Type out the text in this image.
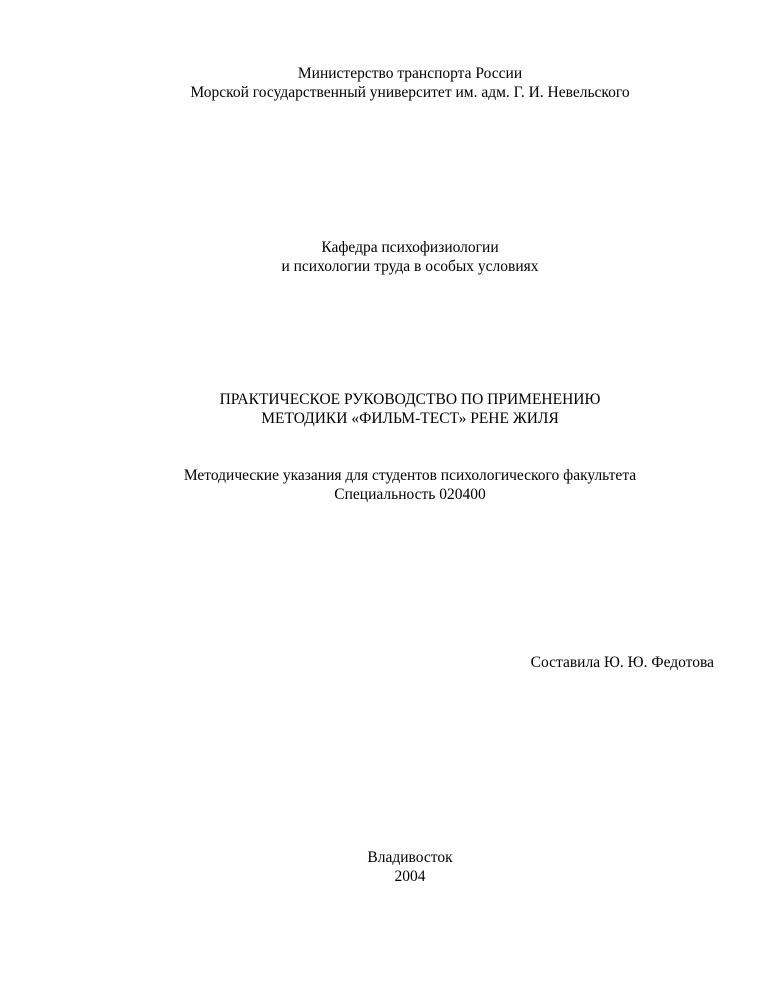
Министерство транспорта России
Морской государственный университет им. адм. Г. И. Невельского
Кафедра психофизиологии
и психологии труда в особых условиях
ПРАКТИЧЕСКОЕ РУКОВОДСТВО ПО ПРИМЕНЕНИЮ
МЕТОДИКИ «ФИЛЬМ-ТЕСТ» РЕНЕ ЖИЛЯ
Методические указания для студентов психологического факультета
Специальность 020400
Составила Ю. Ю. Федотова
Владивосток
2004
